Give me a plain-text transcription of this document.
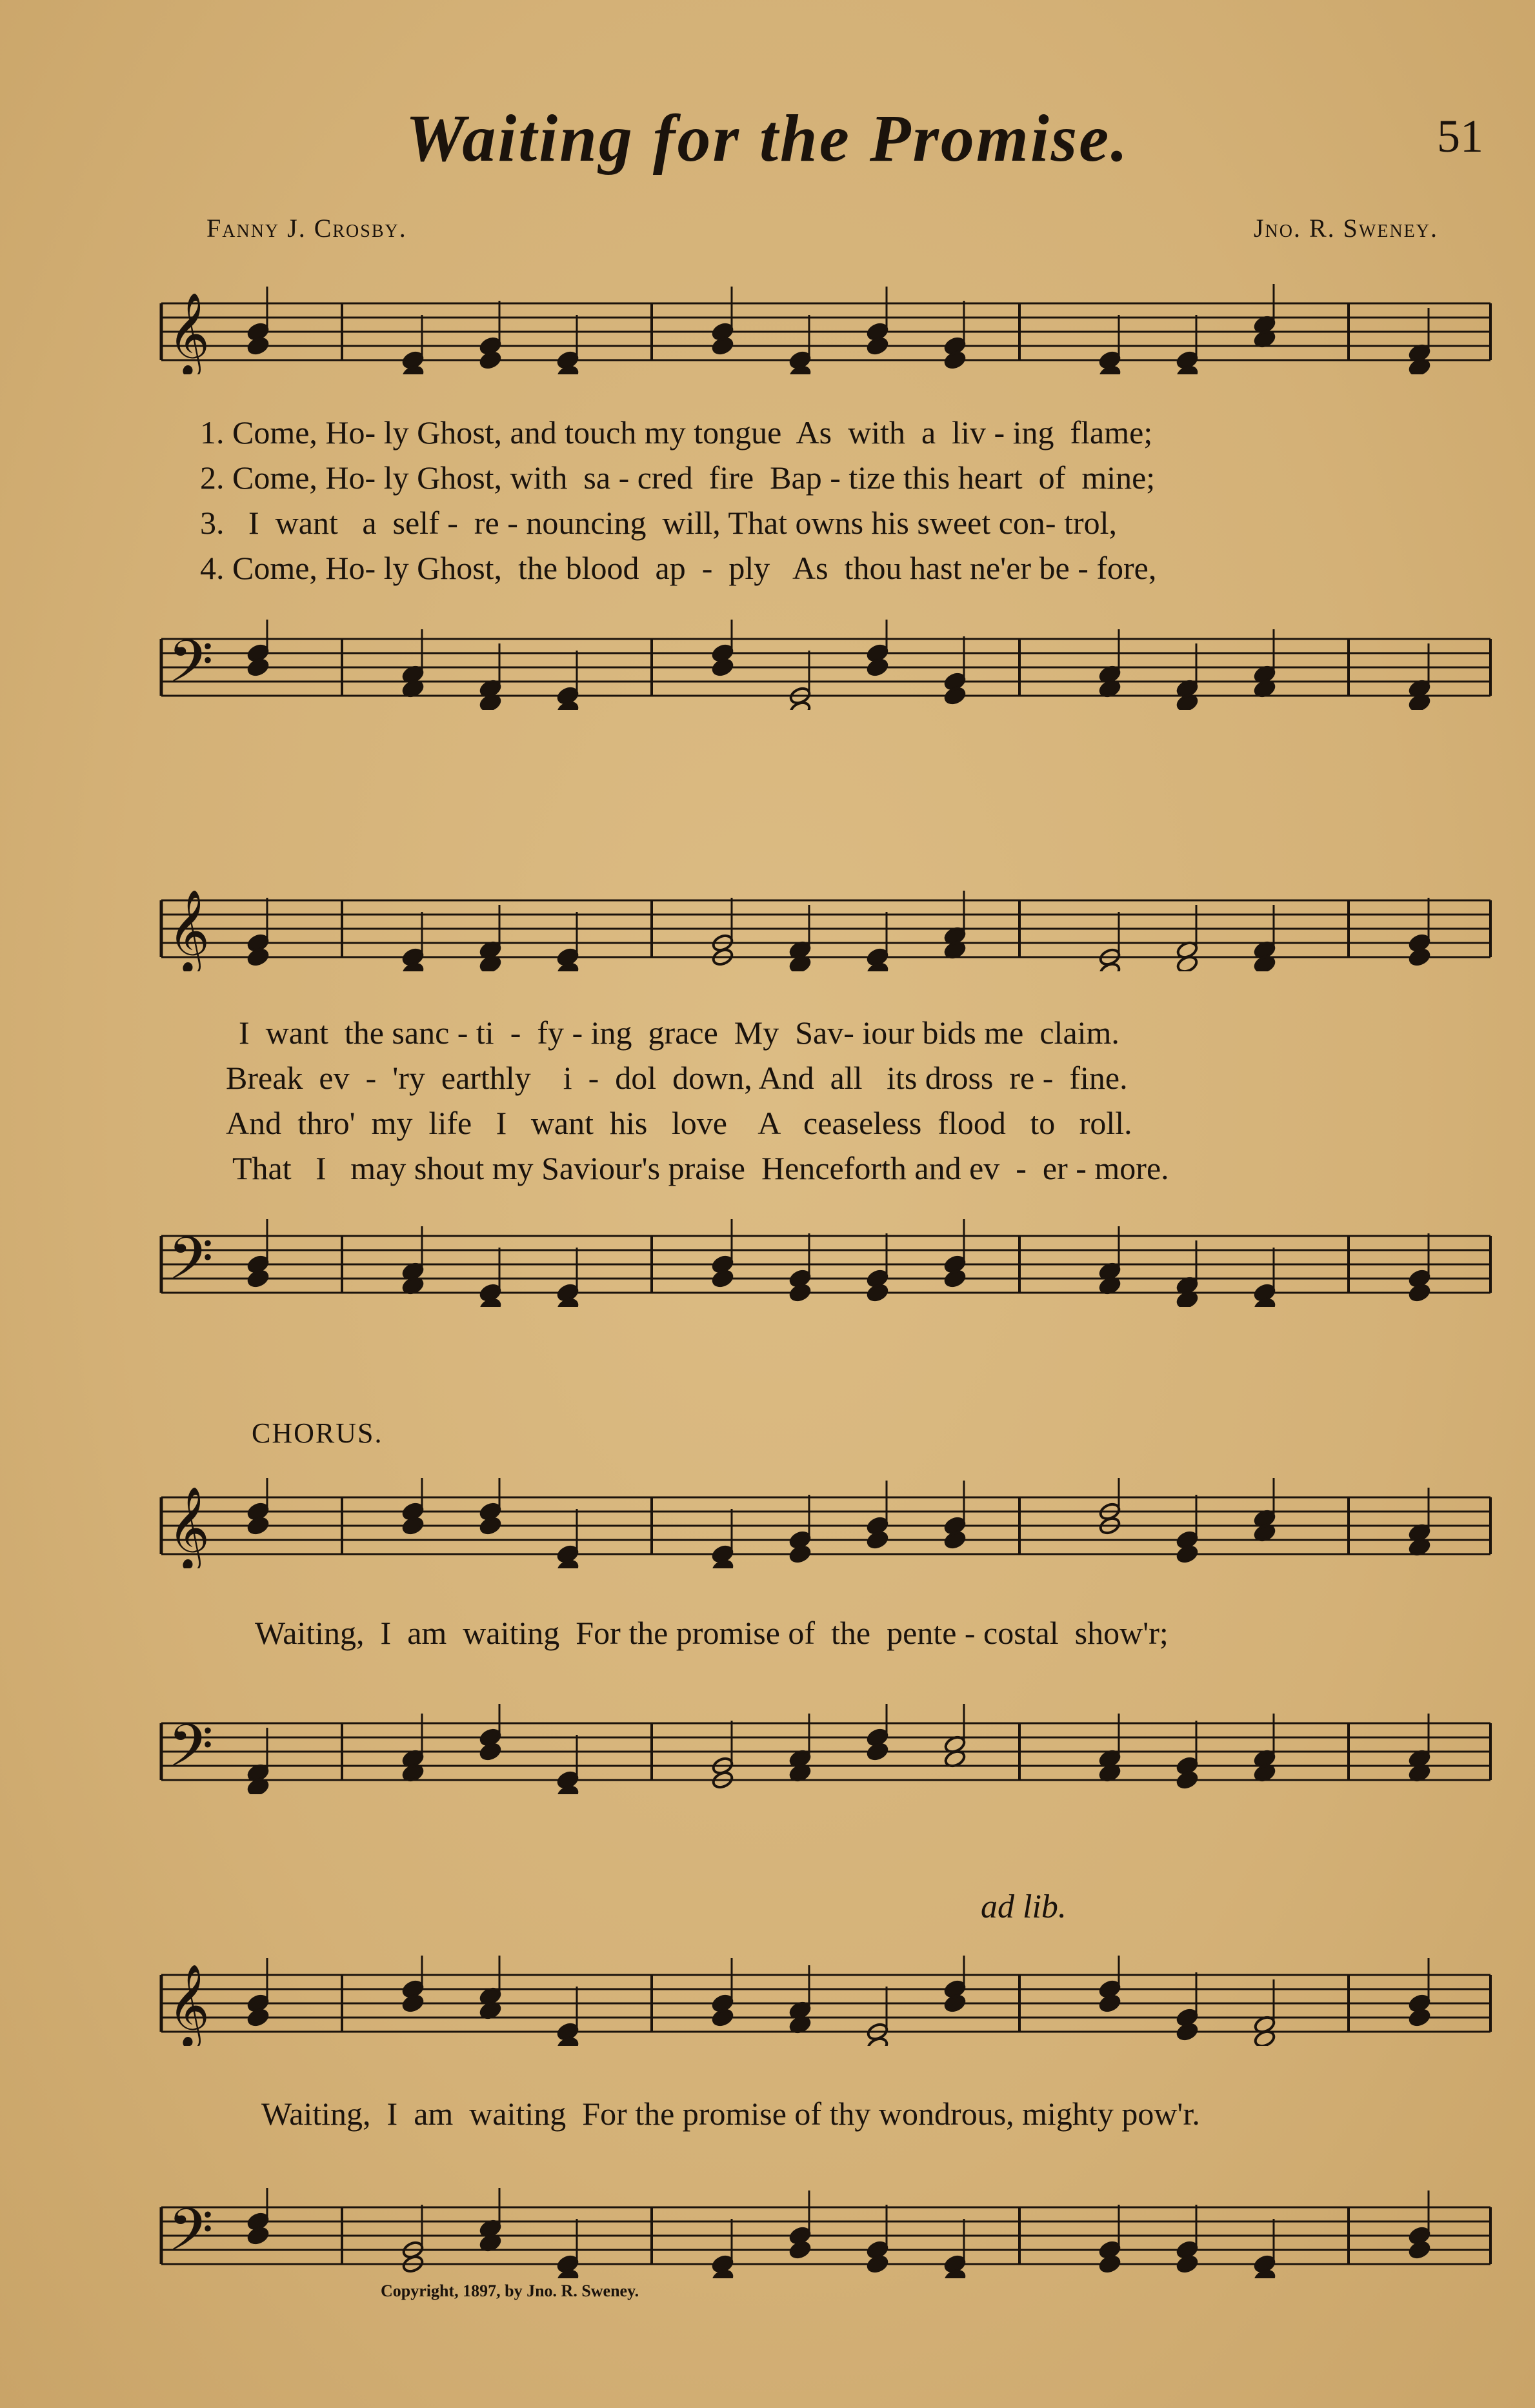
Waiting for the Promise.	51
Fanny J. Crosby.	Jno. R. Sweney.
𝄞
1. Come, Ho- ly Ghost, and touch my tongue  As  with  a  liv - ing  flame;
2. Come, Ho- ly Ghost, with  sa - cred  fire  Bap - tize this heart  of  mine;
3.   I  want   a  self -  re - nouncing  will, That owns his sweet con- trol,
4. Come, Ho- ly Ghost,  the blood  ap  -  ply   As  thou hast ne'er be - fore,
𝄢
𝄞
I  want  the sanc - ti  -  fy - ing  grace  My  Sav- iour bids me  claim.
Break  ev  -  'ry  earthly    i  -  dol  down, And  all   its dross  re -  fine.
And  thro'  my  life   I   want  his   love    A   ceaseless  flood   to   roll.
That   I   may shout my Saviour's praise  Henceforth and ev  -  er - more.
𝄢
CHORUS.
𝄞
Waiting,  I  am  waiting  For the promise of  the  pente - costal  show'r;
𝄢
ad lib.
𝄞
Waiting,  I  am  waiting  For the promise of thy wondrous, mighty pow'r.
𝄢
Copyright, 1897, by Jno. R. Sweney.
